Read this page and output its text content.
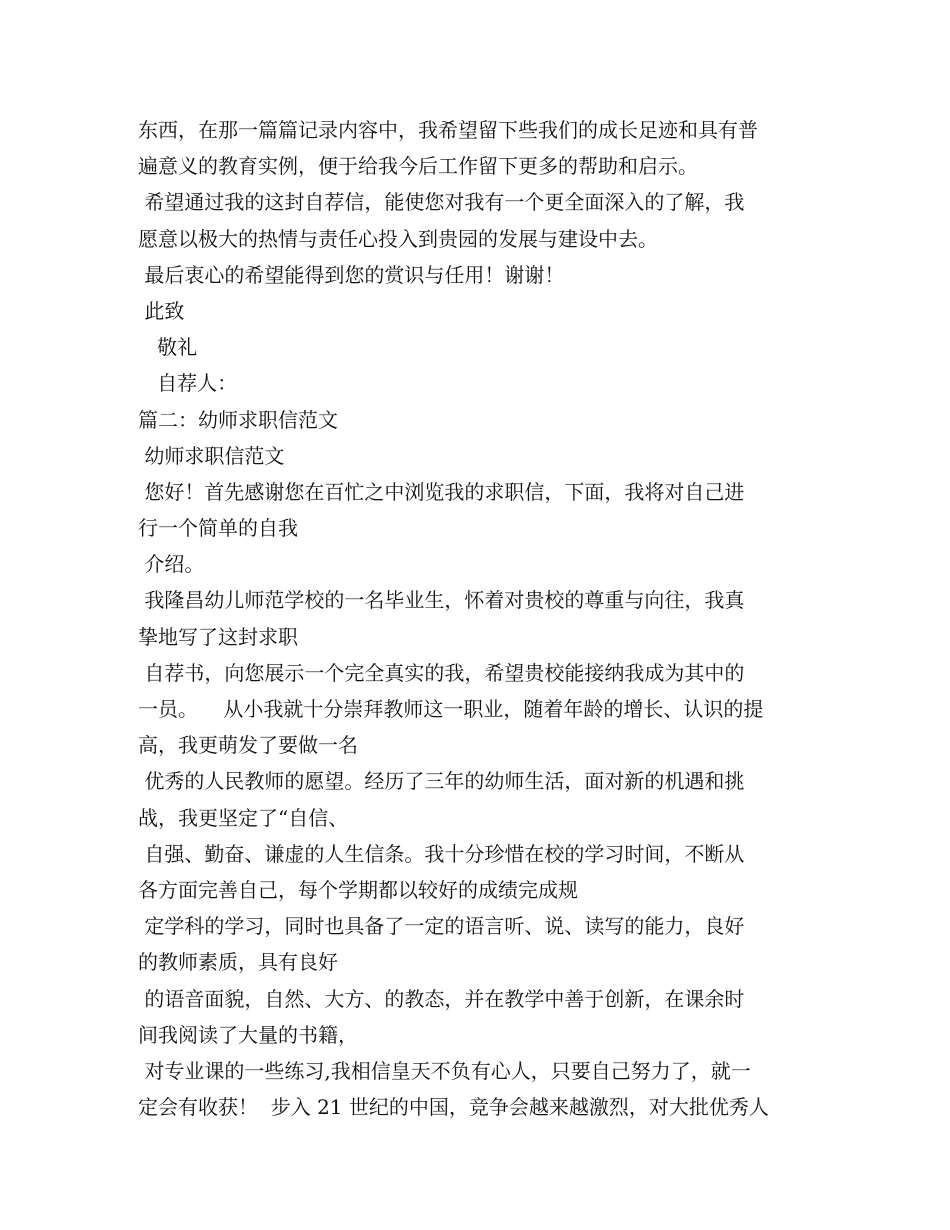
东西，在那一篇篇记录内容中，我希望留下些我们的成长足迹和具有普
遍意义的教育实例，便于给我今后工作留下更多的帮助和启示。
希望通过我的这封自荐信，能使您对我有一个更全面深入的了解，我
愿意以极大的热情与责任心投入到贵园的发展与建设中去。
最后衷心的希望能得到您的赏识与任用！谢谢！
此致
敬礼
自荐人：
篇二：幼师求职信范文
幼师求职信范文
您好！首先感谢您在百忙之中浏览我的求职信，下面，我将对自己进
行一个简单的自我
介绍。
我隆昌幼儿师范学校的一名毕业生，怀着对贵校的尊重与向往，我真
挚地写了这封求职
自荐书，向您展示一个完全真实的我，希望贵校能接纳我成为其中的
一员。    从小我就十分崇拜教师这一职业，随着年龄的增长、认识的提
高，我更萌发了要做一名
优秀的人民教师的愿望。经历了三年的幼师生活，面对新的机遇和挑
战，我更坚定了“自信、
自强、勤奋、谦虚的人生信条。我十分珍惜在校的学习时间，不断从
各方面完善自己，每个学期都以较好的成绩完成规
定学科的学习，同时也具备了一定的语言听、说、读写的能力，良好
的教师素质，具有良好
的语音面貌，自然、大方、的教态，并在教学中善于创新，在课余时
间我阅读了大量的书籍，
对专业课的一些练习,我相信皇天不负有心人，只要自己努力了，就一
定会有收获！  步入 21 世纪的中国，竞争会越来越激烈，对大批优秀人
